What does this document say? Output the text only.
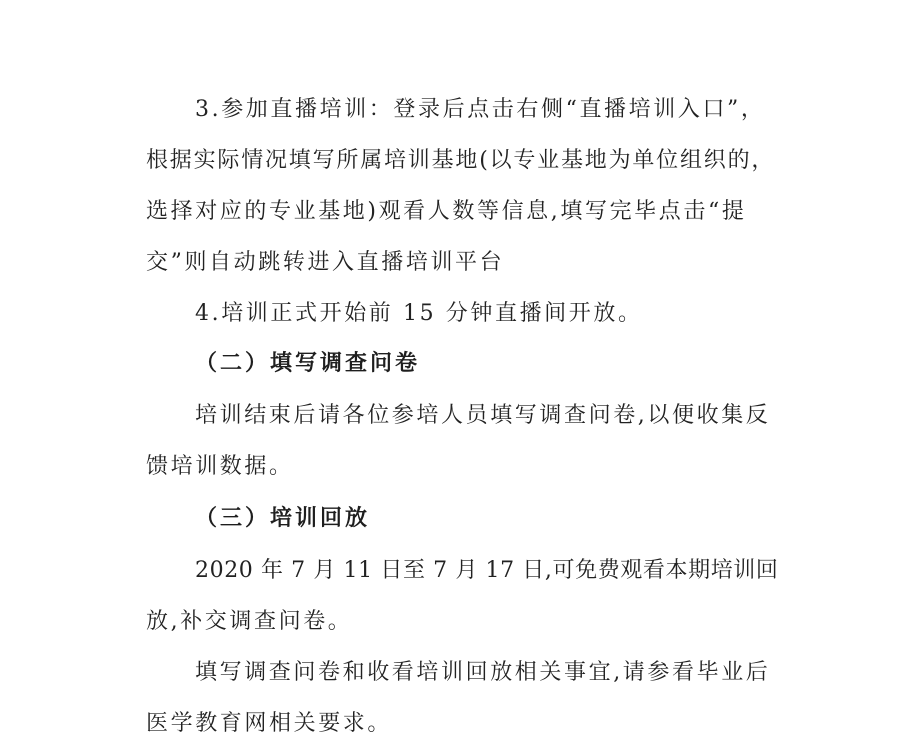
3.参加直播培训：登录后点击右侧“直播培训入口”，
根据实际情况填写所属培训基地(以专业基地为单位组织的，
选择对应的专业基地)观看人数等信息,填写完毕点击“提
交”则自动跳转进入直播培训平台
4.培训正式开始前 15 分钟直播间开放。
（二）填写调查问卷
培训结束后请各位参培人员填写调查问卷,以便收集反
馈培训数据。
（三）培训回放
2020 年 7 月 11 日至 7 月 17 日,可免费观看本期培训回
放,补交调查问卷。
填写调查问卷和收看培训回放相关事宜,请参看毕业后
医学教育网相关要求。
